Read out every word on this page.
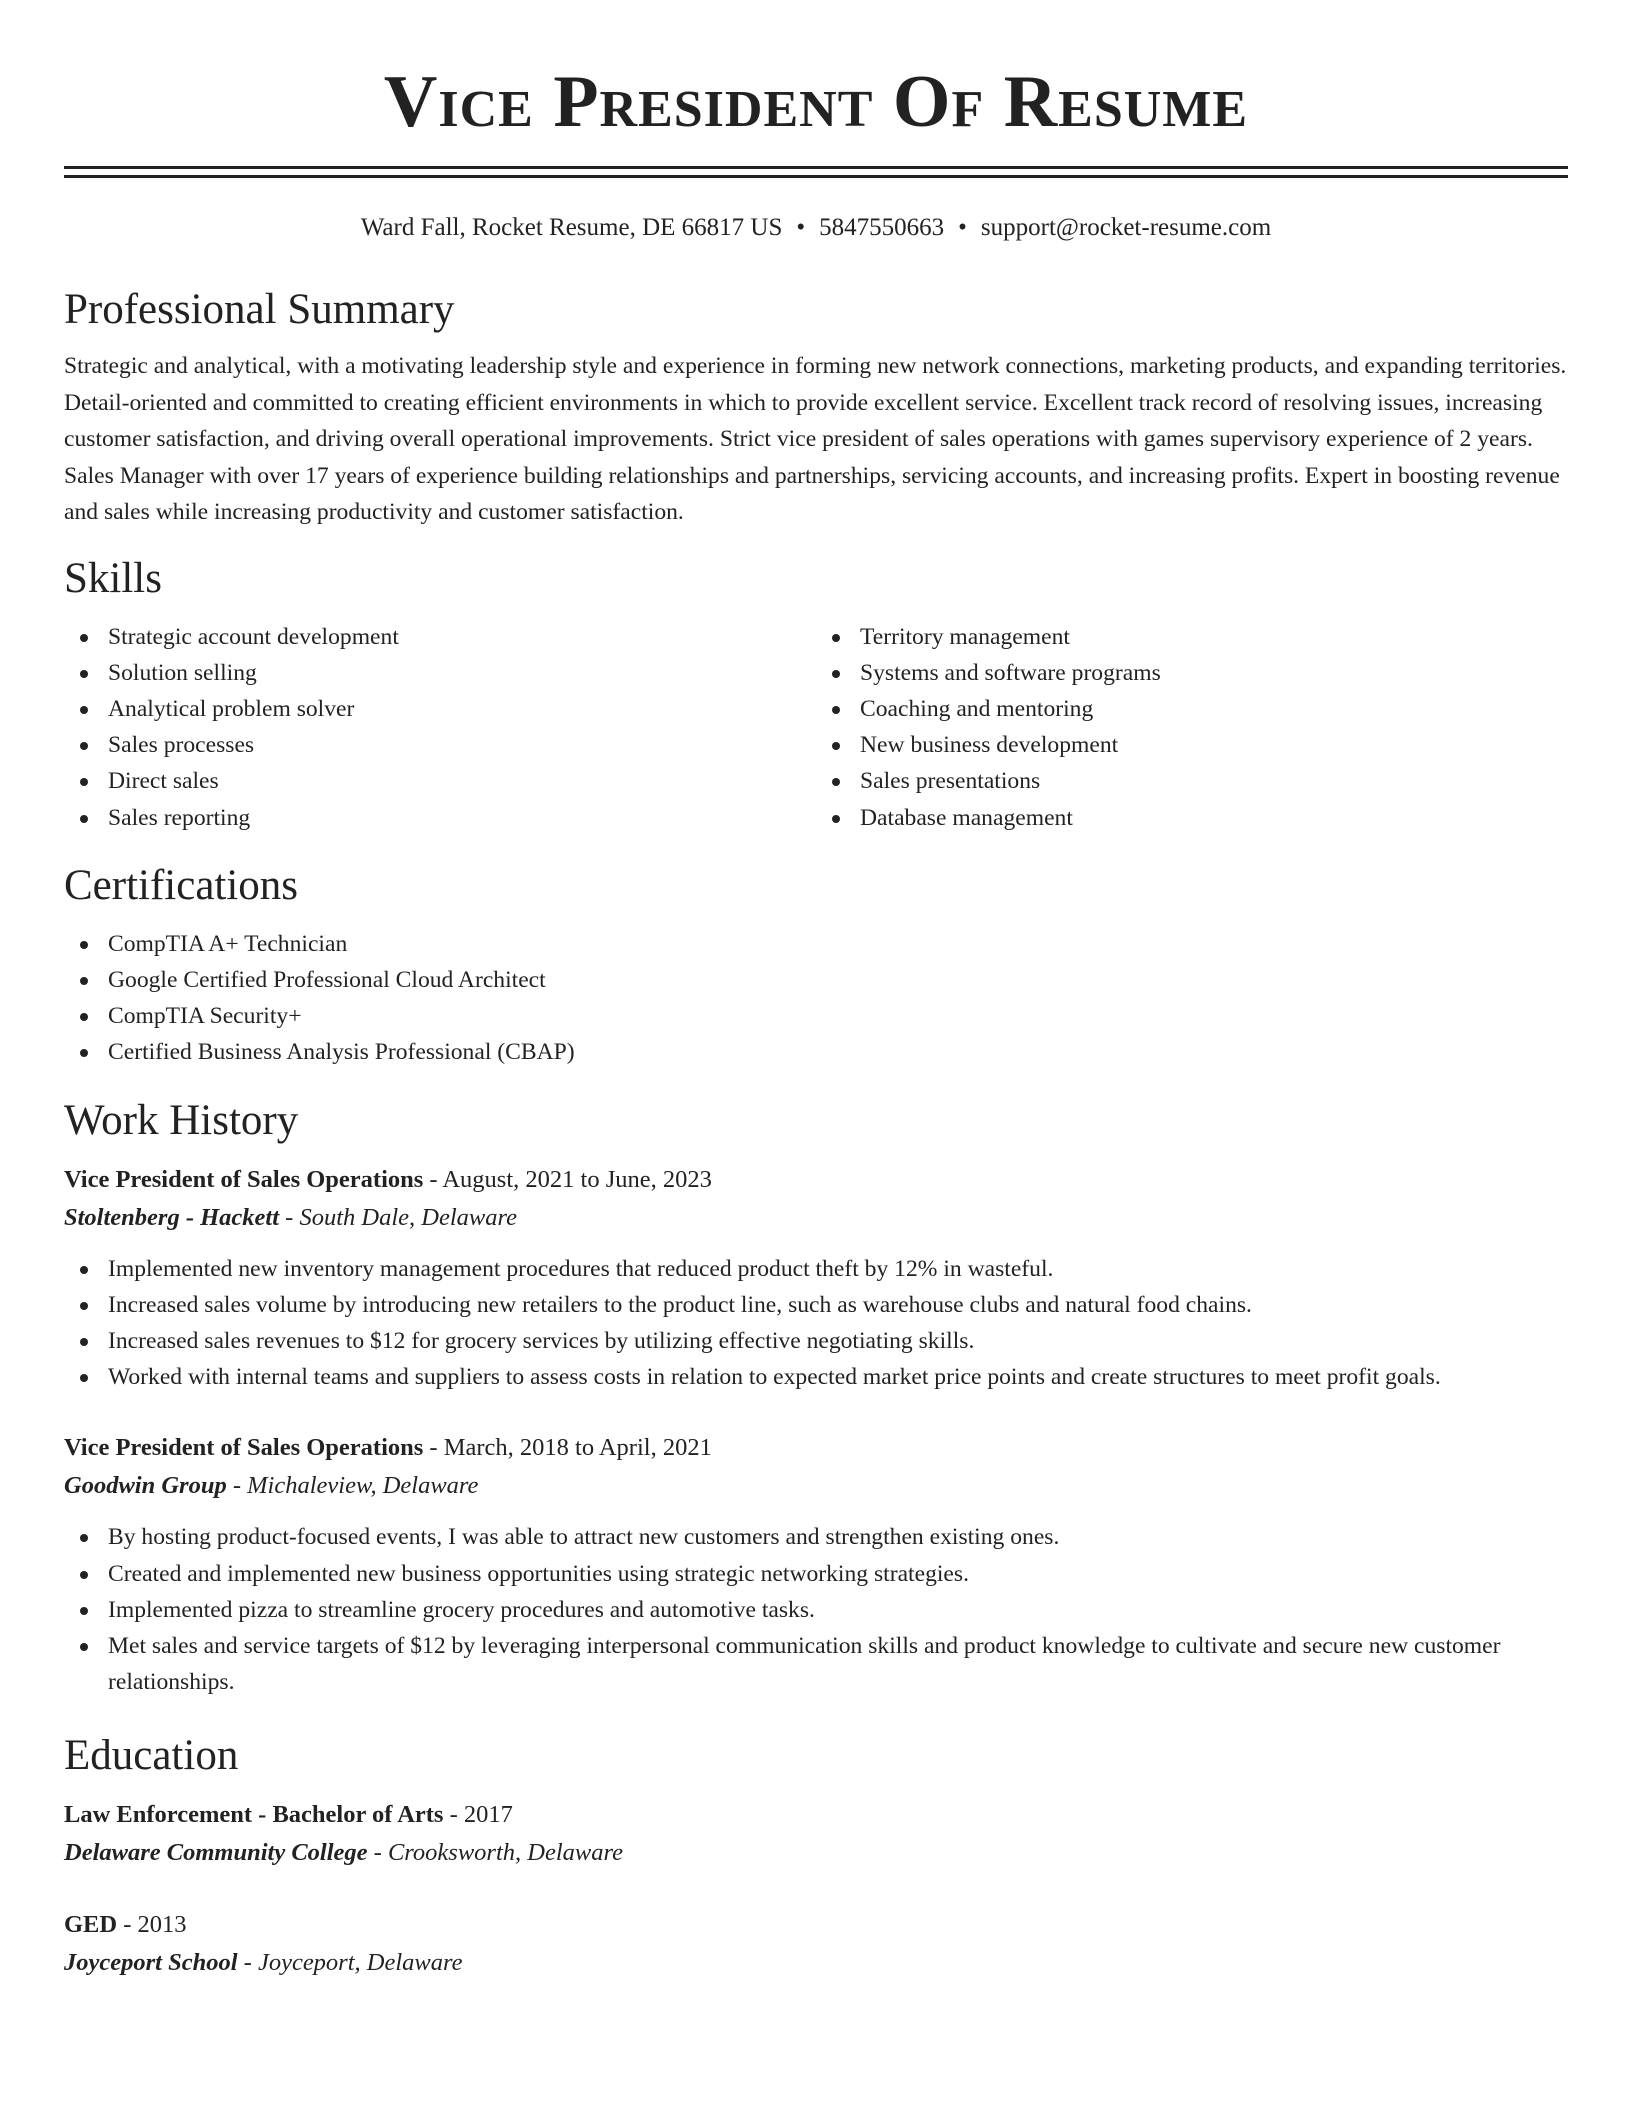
Vice President Of Resume
Ward Fall, Rocket Resume, DE 66817 US • 5847550663 • support@rocket-resume.com
Professional Summary

Strategic and analytical, with a motivating leadership style and experience in forming new network connections, marketing products, and expanding territories. Detail-oriented and committed to creating efficient environments in which to provide excellent service. Excellent track record of resolving issues, increasing customer satisfaction, and driving overall operational improvements. Strict vice president of sales operations with games supervisory experience of 2 years. Sales Manager with over 17 years of experience building relationships and partnerships, servicing accounts, and increasing profits. Expert in boosting revenue and sales while increasing productivity and customer satisfaction.

Skills
Strategic account development
Solution selling
Analytical problem solver
Sales processes
Direct sales
Sales reporting
Territory management
Systems and software programs
Coaching and mentoring
New business development
Sales presentations
Database management
Certifications
CompTIA A+ Technician
Google Certified Professional Cloud Architect
CompTIA Security+
Certified Business Analysis Professional (CBAP)
Work History
Vice President of Sales Operations - August, 2021 to June, 2023
Stoltenberg - Hackett - South Dale, Delaware
Implemented new inventory management procedures that reduced product theft by 12% in wasteful.
Increased sales volume by introducing new retailers to the product line, such as warehouse clubs and natural food chains.
Increased sales revenues to $12 for grocery services by utilizing effective negotiating skills.
Worked with internal teams and suppliers to assess costs in relation to expected market price points and create structures to meet profit goals.
Vice President of Sales Operations - March, 2018 to April, 2021
Goodwin Group - Michaleview, Delaware
By hosting product-focused events, I was able to attract new customers and strengthen existing ones.
Created and implemented new business opportunities using strategic networking strategies.
Implemented pizza to streamline grocery procedures and automotive tasks.
Met sales and service targets of $12 by leveraging interpersonal communication skills and product knowledge to cultivate and secure new customer relationships.
Education
Law Enforcement - Bachelor of Arts - 2017
Delaware Community College - Crooksworth, Delaware
GED - 2013
Joyceport School - Joyceport, Delaware
